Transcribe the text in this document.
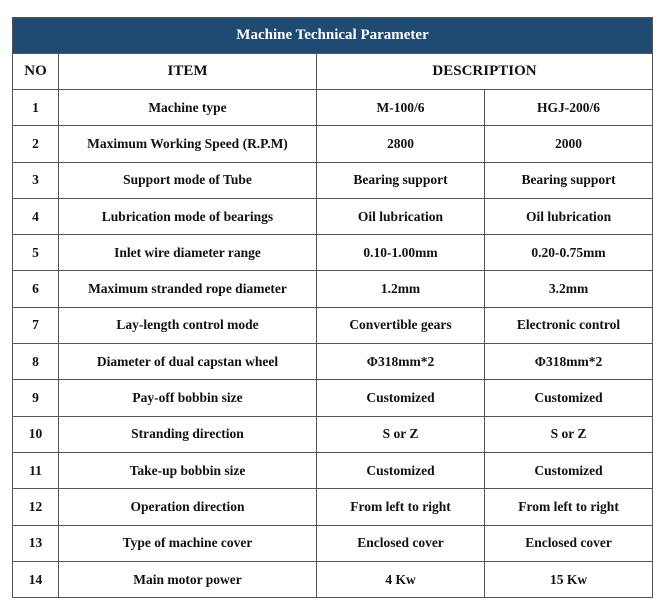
Machine Technical Parameter			
NO	ITEM	DESCRIPTION	
1	Machine type	M-100/6	HGJ-200/6
2	Maximum Working Speed (R.P.M)	2800	2000
3	Support mode of Tube	Bearing support	Bearing support
4	Lubrication mode of bearings	Oil lubrication	Oil lubrication
5	Inlet wire diameter range	0.10-1.00mm	0.20-0.75mm
6	Maximum stranded rope diameter	1.2mm	3.2mm
7	Lay-length control mode	Convertible gears	Electronic control
8	Diameter of dual capstan wheel	Φ318mm*2	Φ318mm*2
9	Pay-off bobbin size	Customized	Customized
10	Stranding direction	S or Z	S or Z
11	Take-up bobbin size	Customized	Customized
12	Operation direction	From left to right	From left to right
13	Type of machine cover	Enclosed cover	Enclosed cover
14	Main motor power	4 Kw	15 Kw
